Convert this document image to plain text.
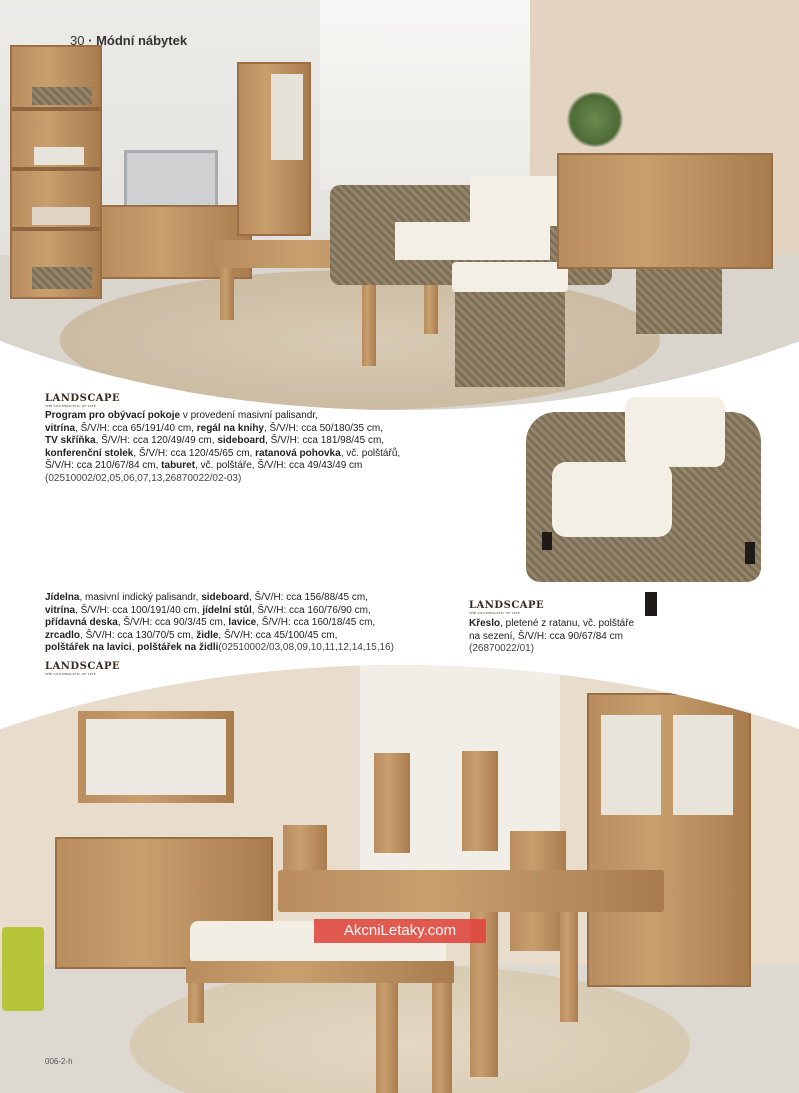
30 · Módní nábytek
LANDSCAPE
THE SOUTHPACIFIC OF LIFE
Program pro obývací pokoje v provedení masivní palisandr,
vitrína, Š/V/H: cca 65/191/40 cm, regál na knihy, Š/V/H: cca 50/180/35 cm,
TV skříňka, Š/V/H: cca 120/49/49 cm, sideboard, Š/V/H: cca 181/98/45 cm,
konferenční stolek, Š/V/H: cca 120/45/65 cm, ratanová pohovka, vč. polštářů,
Š/V/H: cca 210/67/84 cm, taburet, vč. polštáře, Š/V/H: cca 49/43/49 cm
(02510002/02,05,06,07,13,26870022/02-03)
LANDSCAPE
THE SOUTHPACIFIC OF LIFE
Křeslo, pletené z ratanu, vč. polštáře
na sezení, Š/V/H: cca 90/67/84 cm
(26870022/01)
Jídelna, masivní indický palisandr, sideboard, Š/V/H: cca 156/88/45 cm,
vitrína, Š/V/H: cca 100/191/40 cm, jídelní stůl, Š/V/H: cca 160/76/90 cm,
přídavná deska, Š/V/H: cca 90/3/45 cm, lavice, Š/V/H: cca 160/18/45 cm,
zrcadlo, Š/V/H: cca 130/70/5 cm, židle, Š/V/H: cca 45/100/45 cm,
polštářek na lavici, polštářek na židli(02510002/03,08,09,10,11,12,14,15,16)
LANDSCAPE
THE SOUTHPACIFIC OF LIFE
AkcniLetaky.com
006-2-h
